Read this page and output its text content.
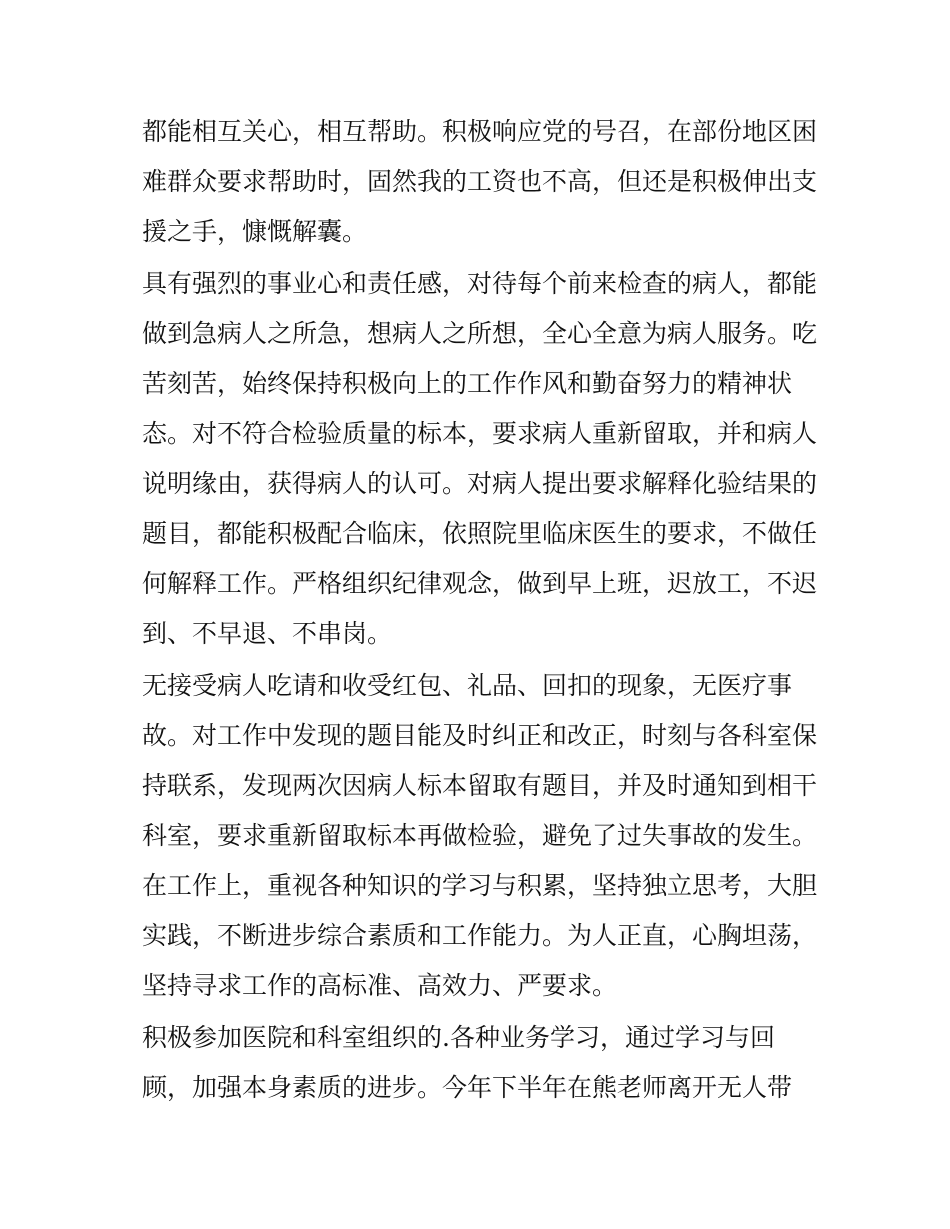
都能相互关心，相互帮助。积极响应党的号召，在部份地区困
难群众要求帮助时，固然我的工资也不高，但还是积极伸出支
援之手，慷慨解囊。
具有强烈的事业心和责任感，对待每个前来检查的病人，都能
做到急病人之所急，想病人之所想，全心全意为病人服务。吃
苦刻苦，始终保持积极向上的工作作风和勤奋努力的精神状
态。对不符合检验质量的标本，要求病人重新留取，并和病人
说明缘由，获得病人的认可。对病人提出要求解释化验结果的
题目，都能积极配合临床，依照院里临床医生的要求，不做任
何解释工作。严格组织纪律观念，做到早上班，迟放工，不迟
到、不早退、不串岗。
无接受病人吃请和收受红包、礼品、回扣的现象，无医疗事
故。对工作中发现的题目能及时纠正和改正，时刻与各科室保
持联系，发现两次因病人标本留取有题目，并及时通知到相干
科室，要求重新留取标本再做检验，避免了过失事故的发生。
在工作上，重视各种知识的学习与积累，坚持独立思考，大胆
实践，不断进步综合素质和工作能力。为人正直，心胸坦荡，
坚持寻求工作的高标准、高效力、严要求。
积极参加医院和科室组织的.各种业务学习，通过学习与回
顾，加强本身素质的进步。今年下半年在熊老师离开无人带
